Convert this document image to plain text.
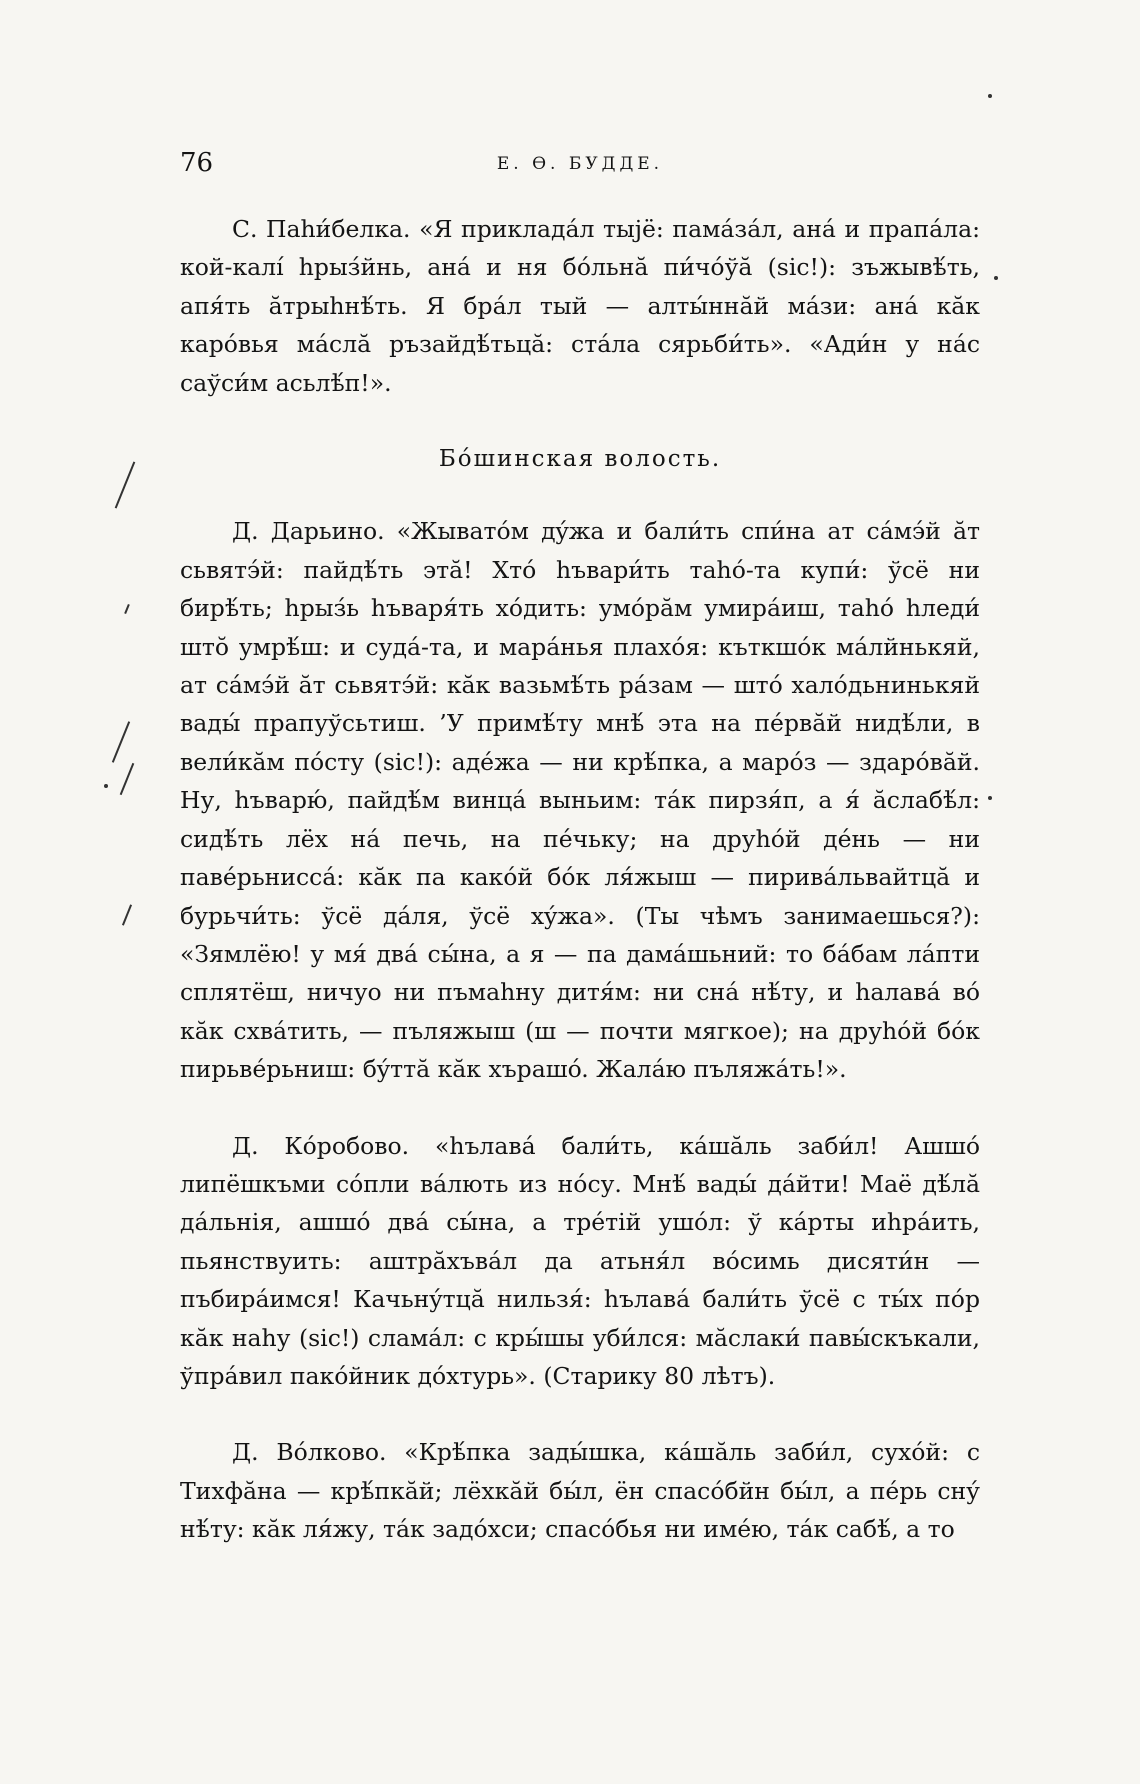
76	Е. Ѳ. БУДДЕ.

С. Паһи́белка. «Я прикладáл тыјё: памáзáл, анá и прапáла: кой-калі́ һрыз́йнь, анá и ня бóльнă пи́чóўă (sic!): зъжывѣ́ть, апя́ть ăтрыһнѣ́ть. Я брáл тый — алты́ннăй мáзи: анá кăк карóвья мáслă ръзайдѣ́тьцă: стáла сярьби́ть». «Ади́н у нáс саўси́м асьлѣ́п!».

Бóшинская волость.

Д. Дарьино. «Жыватóм дýжа и бали́ть спи́на ат сáмэ́й ăт сьвятэ́й: пайдѣ́ть этă! Хтó һъвари́ть таһó-та купи́: ўсё ни бирѣ́ть; һрыз́ь һъваря́ть хóдить: умóрăм умирáиш, таһó һледи́ штŏ умрѣ́ш: и судá-та, и марáнья плахóя: къткшóк мáлйнькяй, ат сáмэ́й ăт сьвятэ́й: кăк вазьмѣ́ть рáзам — штó халóдьнинькяй вады́ прапуўсьтиш. ’У примѣ́ту мнѣ́ эта на пéрвăй нидѣ́ли, в вели́кăм пóсту (sic!): адéжа — ни крѣ́пка, а марóз — здарóвăй. Ну, һъварю́, пайдѣ́м винцá выньим: тáк пирзя́п, а я́ ăслабѣ́л: сидѣ́ть лёх нá печь, на пéчьку; на друһóй дéнь — ни павéрьниссá: кăк па какóй бóк ля́жыш — пиривáльвайтцă и бурьчи́ть: ўсё дáля, ўсё хýжа». (Ты чѣмъ занимаешься?): «Зямлёю! у мя́ двá сы́на, а я — па дамáшьний: то бáбам лáпти сплятёш, ничуо ни пъмаһну дитя́м: ни снá нѣ́ту, и һалавá вó кăк схвáтить, — пъляжыш (ш — почти мягкое); на друһóй бóк пирьвéрьниш: бýттă кăк хърашó. Жалáю пъляжáть!».

Д. Кóробово. «һълавá бали́ть, кáшăль заби́л! Ашшó липёшкъми сóпли вáлють из нóсу. Мнѣ́ вады́ дáйти! Маё дѣ́лă дáльнія, ашшó двá сы́на, а трéтій ушóл: ў кáрты иһрáить, пьянствуить: аштрăхъвáл да атьня́л вóсимь дисяти́н — пъбирáимся! Качьнýтцă нильзя́: һълавá бали́ть ўсё с ты́х пóр кăк наһу (sic!) сламáл: с кры́шы уби́лся: мăслаки́ павы́скъкали, ўпрáвил пакóйник дóхтурь». (Старику 80 лѣтъ).

Д. Вóлково. «Крѣ́пка зады́шка, кáшăль заби́л, сухóй: с Тихфăна — крѣ́пкăй; лёхкăй бы́л, ён спасóбйн бы́л, а пéрь сну́ нѣ́ту: кăк ля́жу, тáк задóхси; спасóбья ни имéю, тáк сабѣ́, а то
